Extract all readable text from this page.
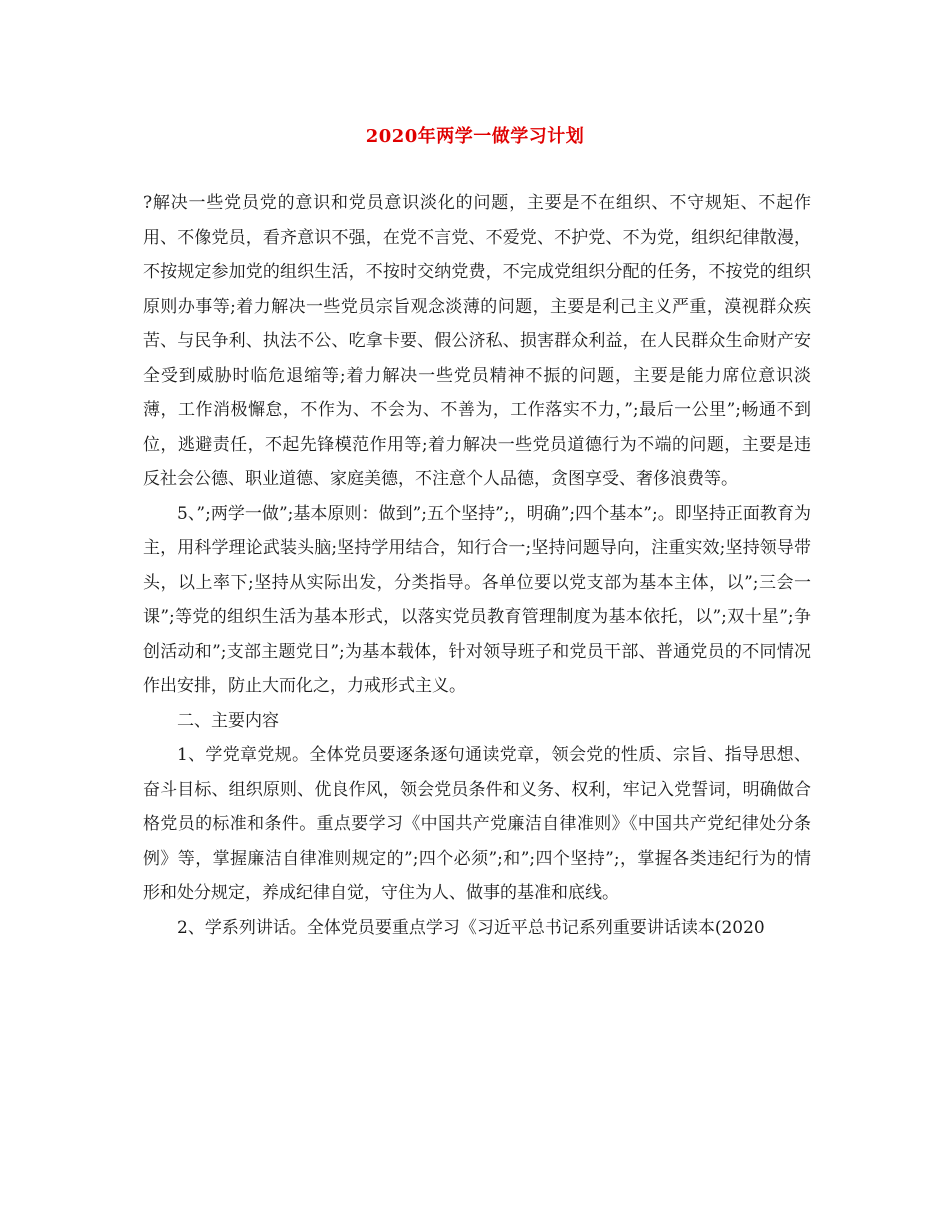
2020年两学一做学习计划

?解决一些党员党的意识和党员意识淡化的问题，主要是不在组织、不守规矩、不起作用、不像党员，看齐意识不强，在党不言党、不爱党、不护党、不为党，组织纪律散漫，不按规定参加党的组织生活，不按时交纳党费，不完成党组织分配的任务，不按党的组织原则办事等;着力解决一些党员宗旨观念淡薄的问题，主要是利己主义严重，漠视群众疾苦、与民争利、执法不公、吃拿卡要、假公济私、损害群众利益，在人民群众生命财产安全受到威胁时临危退缩等;着力解决一些党员精神不振的问题，主要是能力席位意识淡薄，工作消极懈怠，不作为、不会为、不善为，工作落实不力，”;最后一公里”;畅通不到位，逃避责任，不起先锋模范作用等;着力解决一些党员道德行为不端的问题，主要是违反社会公德、职业道德、家庭美德，不注意个人品德，贪图享受、奢侈浪费等。

5、”;两学一做”;基本原则：做到”;五个坚持”;，明确”;四个基本”;。即坚持正面教育为主，用科学理论武装头脑;坚持学用结合，知行合一;坚持问题导向，注重实效;坚持领导带头，以上率下;坚持从实际出发，分类指导。各单位要以党支部为基本主体，以”;三会一课”;等党的组织生活为基本形式，以落实党员教育管理制度为基本依托，以”;双十星”;争创活动和”;支部主题党日”;为基本载体，针对领导班子和党员干部、普通党员的不同情况作出安排，防止大而化之，力戒形式主义。

二、主要内容

1、学党章党规。全体党员要逐条逐句通读党章，领会党的性质、宗旨、指导思想、奋斗目标、组织原则、优良作风，领会党员条件和义务、权利，牢记入党誓词，明确做合格党员的标准和条件。重点要学习《中国共产党廉洁自律准则》《中国共产党纪律处分条例》等，掌握廉洁自律准则规定的”;四个必须”;和”;四个坚持”;，掌握各类违纪行为的情形和处分规定，养成纪律自觉，守住为人、做事的基准和底线。

2、学系列讲话。全体党员要重点学习《习近平总书记系列重要讲话读本(2020
